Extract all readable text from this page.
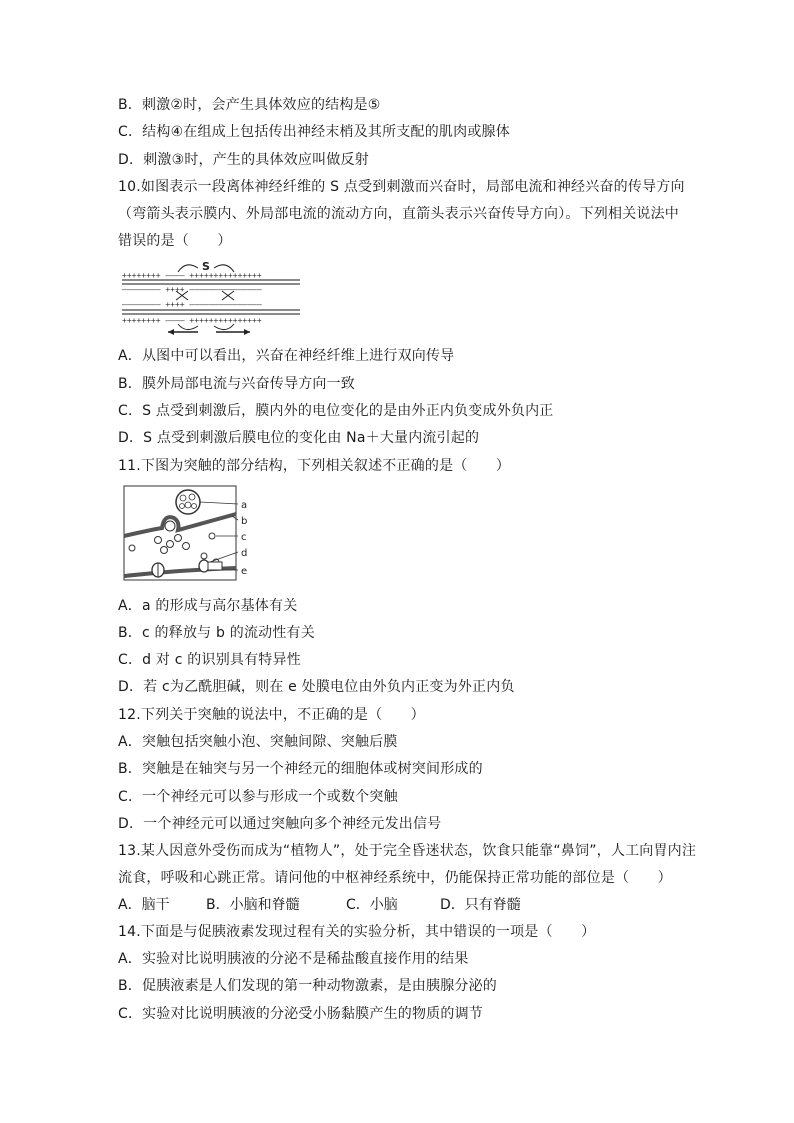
B．刺激②时，会产生具体效应的结构是⑤
C．结构④在组成上包括传出神经末梢及其所支配的肌肉或腺体
D．刺激③时，产生的具体效应叫做反射
10.如图表示一段离体神经纤维的 S 点受到刺激而兴奋时，局部电流和神经兴奋的传导方向
（弯箭头表示膜内、外局部电流的流动方向，直箭头表示兴奋传导方向）。下列相关说法中
错误的是（　　）
++++++++ ‒‒‒‒ +++++++++++++++
‒‒‒‒‒‒‒‒ ++++ ‒‒‒‒‒‒‒‒‒‒‒‒‒‒‒
‒‒‒‒‒‒‒‒ ++++ ‒‒‒‒‒‒‒‒‒‒‒‒‒‒‒
++++++++ ‒‒‒‒ +++++++++++++++
S
A．从图中可以看出，兴奋在神经纤维上进行双向传导
B．膜外局部电流与兴奋传导方向一致
C．S 点受到刺激后，膜内外的电位变化的是由外正内负变成外负内正
D．S 点受到刺激后膜电位的变化由 Na＋大量内流引起的
11.下图为突触的部分结构，下列相关叙述不正确的是（　　）
a
b
c
d
e
A．a 的形成与高尔基体有关
B．c 的释放与 b 的流动性有关
C．d 对 c 的识别具有特异性
D．若 c为乙酰胆碱，则在 e 处膜电位由外负内正变为外正内负
12.下列关于突触的说法中，不正确的是（　　）
A．突触包括突触小泡、突触间隙、突触后膜
B．突触是在轴突与另一个神经元的细胞体或树突间形成的
C．一个神经元可以参与形成一个或数个突触
D．一个神经元可以通过突触向多个神经元发出信号
13.某人因意外受伤而成为“植物人”，处于完全昏迷状态，饮食只能靠“鼻饲”，人工向胃内注
流食，呼吸和心跳正常。请问他的中枢神经系统中，仍能保持正常功能的部位是（　　）
A．脑干	B．小脑和脊髓	C．小脑	D．只有脊髓
14.下面是与促胰液素发现过程有关的实验分析，其中错误的一项是（　　）
A．实验对比说明胰液的分泌不是稀盐酸直接作用的结果
B．促胰液素是人们发现的第一种动物激素，是由胰腺分泌的
C．实验对比说明胰液的分泌受小肠黏膜产生的物质的调节
